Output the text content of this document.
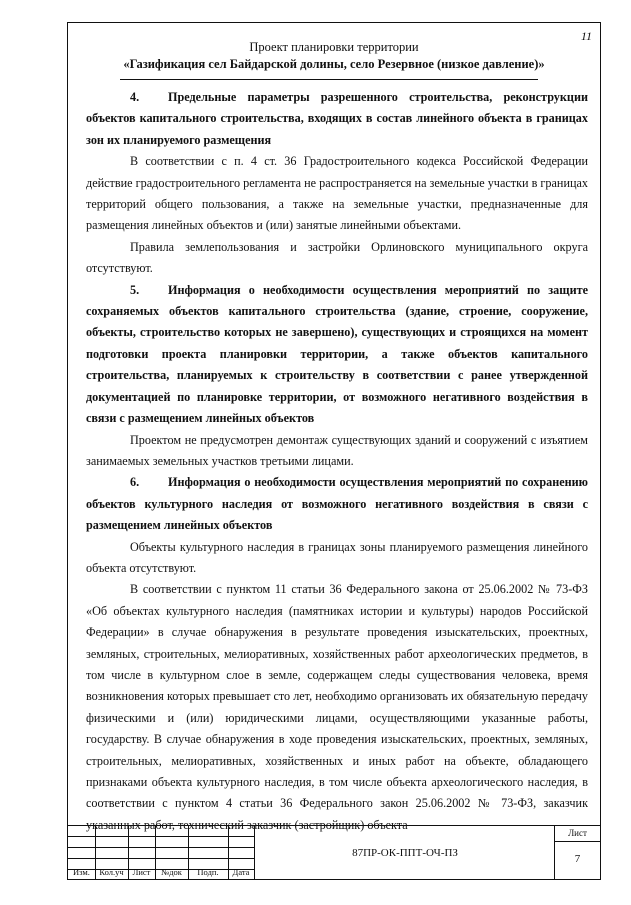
11
Проект планировки территории
«Газификация сел Байдарской долины, село Резервное (низкое давление)»

4. Предельные параметры разрешенного строительства, реконструкции объектов капитального строительства, входящих в состав линейного объекта в границах зон их планируемого размещения

В соответствии с п. 4 ст. 36 Градостроительного кодекса Российской Федерации действие градостроительного регламента не распространяется на земельные участки в границах территорий общего пользования, а также на земельные участки, предназначенные для размещения линейных объектов и (или) занятые линейными объектами.

Правила землепользования и застройки Орлиновского муниципального округа отсутствуют.

5. Информация о необходимости осуществления мероприятий по защите сохраняемых объектов капитального строительства (здание, строение, сооружение, объекты, строительство которых не завершено), существующих и строящихся на момент подготовки проекта планировки территории, а также объектов капитального строительства, планируемых к строительству в соответствии с ранее утвержденной документацией по планировке территории, от возможного негативного воздействия в связи с размещением линейных объектов

Проектом не предусмотрен демонтаж существующих зданий и сооружений с изъятием занимаемых земельных участков третьими лицами.

6. Информация о необходимости осуществления мероприятий по сохранению объектов культурного наследия от возможного негативного воздействия в связи с размещением линейных объектов

Объекты культурного наследия в границах зоны планируемого размещения линейного объекта отсутствуют.

В соответствии с пунктом 11 статьи 36 Федерального закона от 25.06.2002 № 73-ФЗ «Об объектах культурного наследия (памятниках истории и культуры) народов Российской Федерации» в случае обнаружения в результате проведения изыскательских, проектных, земляных, строительных, мелиоративных, хозяйственных работ археологических предметов, в том числе в культурном слое в земле, содержащем следы существования человека, время возникновения которых превышает сто лет, необходимо организовать их обязательную передачу физическими и (или) юридическими лицами, осуществляющими указанные работы, государству. В случае обнаружения в ходе проведения изыскательских, проектных, земляных, строительных, мелиоративных, хозяйственных и иных работ на объекте, обладающего признаками объекта культурного наследия, в том числе объекта археологического наследия, в соответствии с пунктом 4 статьи 36 Федерального закон 25.06.2002 № 73-ФЗ, заказчик указанных работ, технический заказчик (застройщик) объекта

Изм.	Кол.уч	Лист	№док	Подп.	Дата
87ПР-ОК-ППТ-ОЧ-ПЗ
Лист
7
